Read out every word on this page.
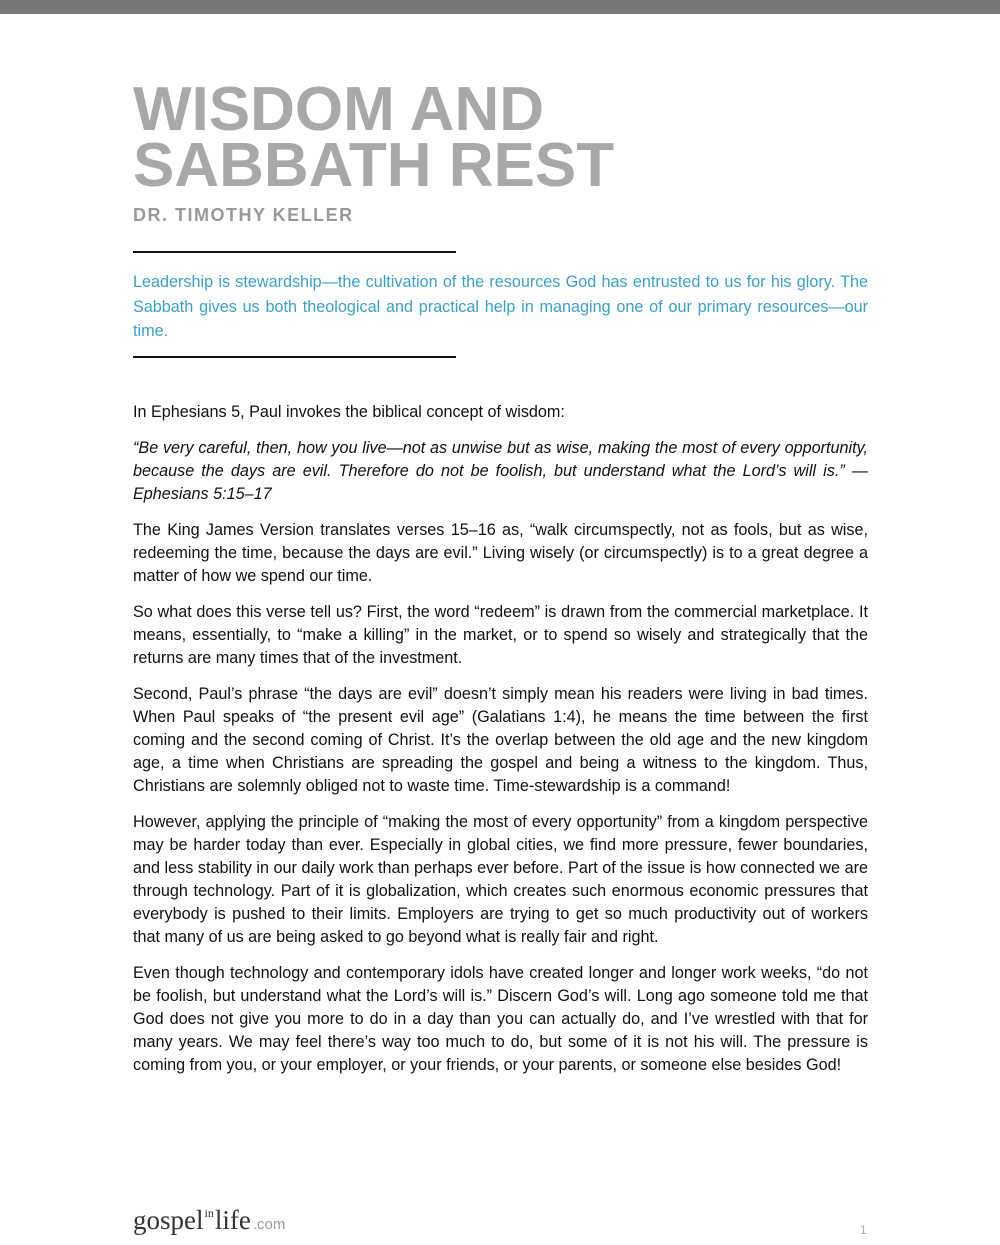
WISDOM AND
SABBATH REST
DR. TIMOTHY KELLER

Leadership is stewardship—the cultivation of the resources God has entrusted to us for his glory. The Sabbath gives us both theological and practical help in managing one of our primary resources—our time.

In Ephesians 5, Paul invokes the biblical concept of wisdom:

“Be very careful, then, how you live—not as unwise but as wise, making the most of every opportunity, because the days are evil. Therefore do not be foolish, but understand what the Lord’s will is.” —Ephesians 5:15–17

The King James Version translates verses 15–16 as, “walk circumspectly, not as fools, but as wise, redeeming the time, because the days are evil.” Living wisely (or circumspectly) is to a great degree a matter of how we spend our time.

So what does this verse tell us? First, the word “redeem” is drawn from the commercial marketplace. It means, essentially, to “make a killing” in the market, or to spend so wisely and strategically that the returns are many times that of the investment.

Second, Paul’s phrase “the days are evil” doesn’t simply mean his readers were living in bad times. When Paul speaks of “the present evil age” (Galatians 1:4), he means the time between the first coming and the second coming of Christ. It’s the overlap between the old age and the new kingdom age, a time when Christians are spreading the gospel and being a witness to the kingdom. Thus, Christians are solemnly obliged not to waste time. Time-stewardship is a command!

However, applying the principle of “making the most of every opportunity” from a kingdom perspective may be harder today than ever. Especially in global cities, we find more pressure, fewer boundaries, and less stability in our daily work than perhaps ever before. Part of the issue is how connected we are through technology. Part of it is globalization, which creates such enormous economic pressures that everybody is pushed to their limits. Employers are trying to get so much productivity out of workers that many of us are being asked to go beyond what is really fair and right.

Even though technology and contemporary idols have created longer and longer work weeks, “do not be foolish, but understand what the Lord’s will is.” Discern God’s will. Long ago someone told me that God does not give you more to do in a day than you can actually do, and I’ve wrestled with that for many years. We may feel there’s way too much to do, but some of it is not his will. The pressure is coming from you, or your employer, or your friends, or your parents, or someone else besides God!

gospel$^{in}$life .com	1
